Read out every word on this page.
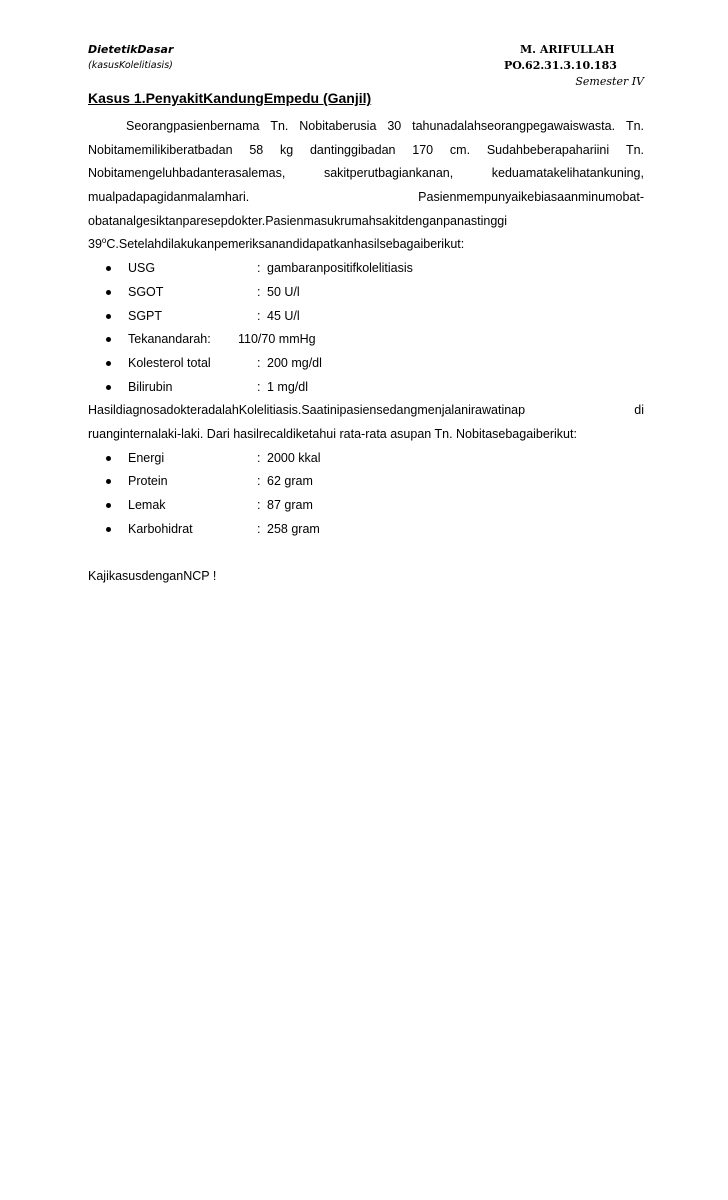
DietetikDasar
(kasusKolelitiasis)
M. ARIFULLAH
PO.62.31.3.10.183
Semester IV
Kasus 1.PenyakitKandungEmpedu (Ganjil)
Seorangpasienbernama Tn. Nobitaberusia 30 tahunadalahseorangpegawaiswasta. Tn.
Nobitamemilikiberatbadan 58 kg dantinggibadan 170 cm. Sudahbeberapahariini Tn.
Nobitamengeluhbadanterasalemas,	sakitperutbagiankanan,	keduamatakelihatankuning,
mualpadapagidanmalamhari.	Pasienmempunyaikebiasaanminumobat-
obatanalgesiktanparesepdokter.Pasienmasukrumahsakitdenganpanastinggi
39$^o$C.Setelahdilakukanpemeriksanandidapatkanhasilsebagaiberikut:
USG	: gambaranpositifkolelitiasis
SGOT	: 50 U/l
SGPT	: 45 U/l
Tekanandarah: 110/70 mmHg
Kolesterol total	: 200 mg/dl
Bilirubin	: 1 mg/dl
HasildiagnosadokteradalahKolelitiasis.Saatinipasiensedangmenjalanirawatinap	di
ruanginternalaki-laki. Dari hasilrecaldiketahui rata-rata asupan Tn. Nobitasebagaiberikut:
Energi	: 2000 kkal
Protein	: 62 gram
Lemak	: 87 gram
Karbohidrat	: 258 gram
KajikasusdenganNCP !
